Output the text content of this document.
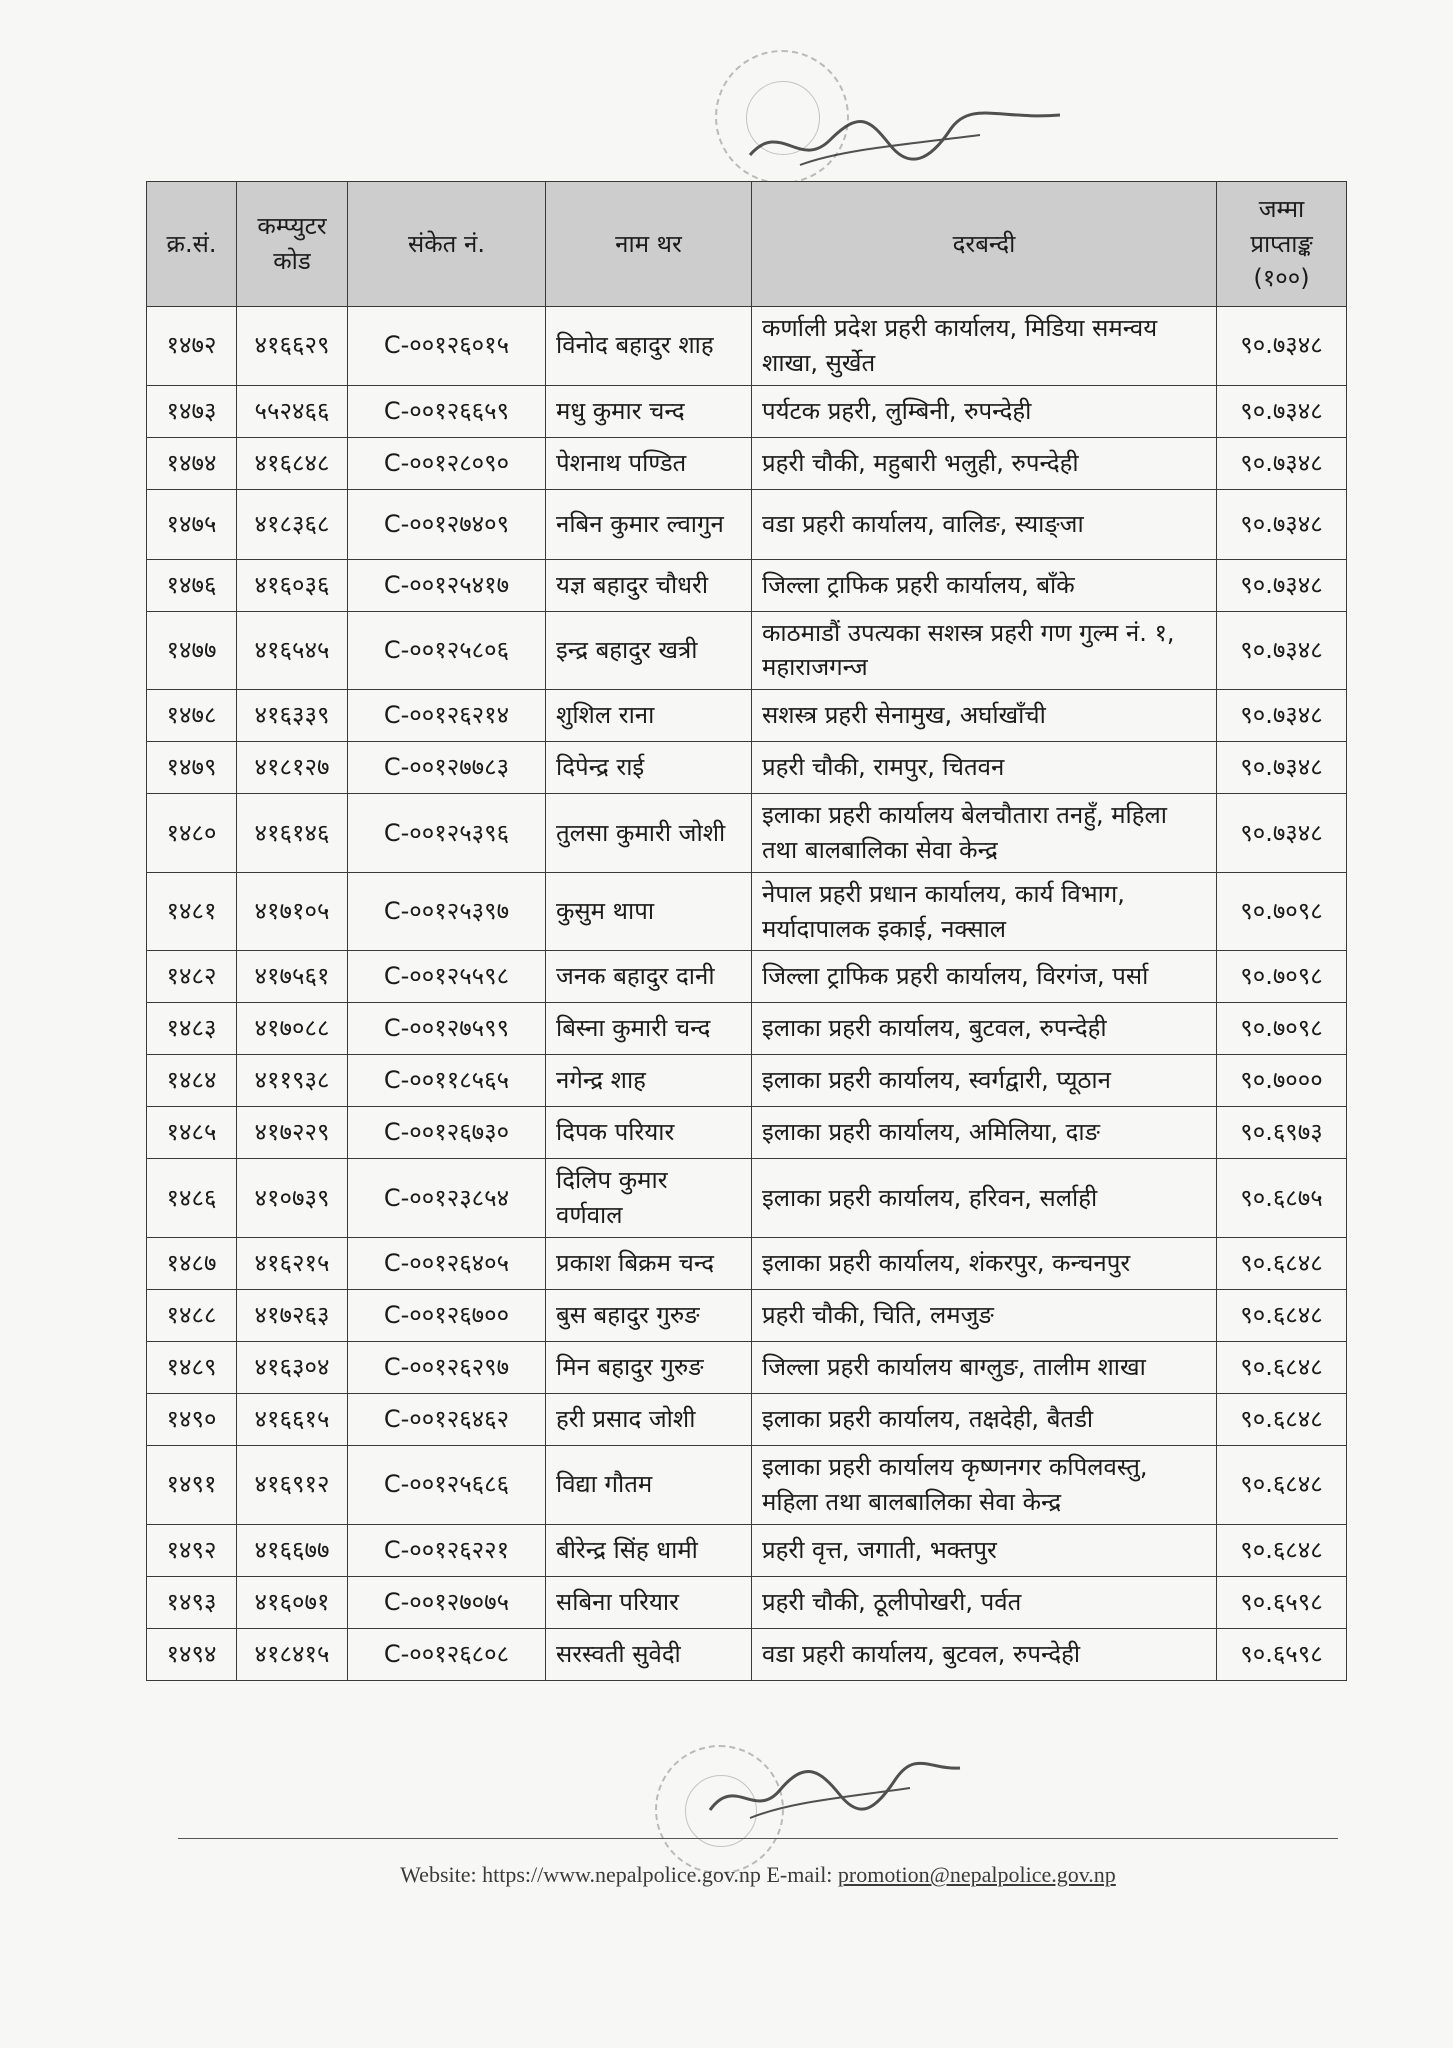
क्र.सं.	कम्प्युटर कोड	संकेत नं.	नाम थर	दरबन्दी	जम्मा
प्राप्ताङ्क
(१००)

१४७२	४१६६२९	C-००१२६०१५	विनोद बहादुर शाह	कर्णाली प्रदेश प्रहरी कार्यालय, मिडिया समन्वय शाखा, सुर्खेत	९०.७३४८
१४७३	५५२४६६	C-००१२६६५९	मधु कुमार चन्द	पर्यटक प्रहरी, लुम्बिनी, रुपन्देही	९०.७३४८
१४७४	४१६८४८	C-००१२८०९०	पेशनाथ पण्डित	प्रहरी चौकी, महुबारी भलुही, रुपन्देही	९०.७३४८
१४७५	४१८३६८	C-००१२७४०९	नबिन कुमार ल्वागुन	वडा प्रहरी कार्यालय, वालिङ, स्याङ्जा	९०.७३४८
१४७६	४१६०३६	C-००१२५४१७	यज्ञ बहादुर चौधरी	जिल्ला ट्राफिक प्रहरी कार्यालय, बाँके	९०.७३४८
१४७७	४१६५४५	C-००१२५८०६	इन्द्र बहादुर खत्री	काठमाडौं उपत्यका सशस्त्र प्रहरी गण गुल्म नं. १, महाराजगन्ज	९०.७३४८
१४७८	४१६३३९	C-००१२६२१४	शुशिल राना	सशस्त्र प्रहरी सेनामुख, अर्घाखाँची	९०.७३४८
१४७९	४१८१२७	C-००१२७७८३	दिपेन्द्र राई	प्रहरी चौकी, रामपुर, चितवन	९०.७३४८
१४८०	४१६१४६	C-००१२५३९६	तुलसा कुमारी जोशी	इलाका प्रहरी कार्यालय बेलचौतारा तनहुँ, महिला तथा बालबालिका सेवा केन्द्र	९०.७३४८
१४८१	४१७१०५	C-००१२५३९७	कुसुम थापा	नेपाल प्रहरी प्रधान कार्यालय, कार्य विभाग, मर्यादापालक इकाई, नक्साल	९०.७०९८
१४८२	४१७५६१	C-००१२५५९८	जनक बहादुर दानी	जिल्ला ट्राफिक प्रहरी कार्यालय, विरगंज, पर्सा	९०.७०९८
१४८३	४१७०८८	C-००१२७५९९	बिस्ना कुमारी चन्द	इलाका प्रहरी कार्यालय, बुटवल, रुपन्देही	९०.७०९८
१४८४	४११९३८	C-००११८५६५	नगेन्द्र शाह	इलाका प्रहरी कार्यालय, स्वर्गद्वारी, प्यूठान	९०.७०००
१४८५	४१७२२९	C-००१२६७३०	दिपक परियार	इलाका प्रहरी कार्यालय, अमिलिया, दाङ	९०.६९७३
१४८६	४१०७३९	C-००१२३८५४	दिलिप कुमार वर्णवाल	इलाका प्रहरी कार्यालय, हरिवन, सर्लाही	९०.६८७५
१४८७	४१६२१५	C-००१२६४०५	प्रकाश बिक्रम चन्द	इलाका प्रहरी कार्यालय, शंकरपुर, कन्चनपुर	९०.६८४८
१४८८	४१७२६३	C-००१२६७००	बुस बहादुर गुरुङ	प्रहरी चौकी, चिति, लमजुङ	९०.६८४८
१४८९	४१६३०४	C-००१२६२९७	मिन बहादुर गुरुङ	जिल्ला प्रहरी कार्यालय बाग्लुङ, तालीम शाखा	९०.६८४८
१४९०	४१६६१५	C-००१२६४६२	हरी प्रसाद जोशी	इलाका प्रहरी कार्यालय, तक्षदेही, बैतडी	९०.६८४८
१४९१	४१६९१२	C-००१२५६८६	विद्या गौतम	इलाका प्रहरी कार्यालय कृष्णनगर कपिलवस्तु, महिला तथा बालबालिका सेवा केन्द्र	९०.६८४८
१४९२	४१६६७७	C-००१२६२२१	बीरेन्द्र सिंह धामी	प्रहरी वृत्त, जगाती, भक्तपुर	९०.६८४८
१४९३	४१६०७१	C-००१२७०७५	सबिना परियार	प्रहरी चौकी, ठूलीपोखरी, पर्वत	९०.६५९८
१४९४	४१८४१५	C-००१२६८०८	सरस्वती सुवेदी	वडा प्रहरी कार्यालय, बुटवल, रुपन्देही	९०.६५९८
Website: https://www.nepalpolice.gov.np E-mail: promotion@nepalpolice.gov.np
